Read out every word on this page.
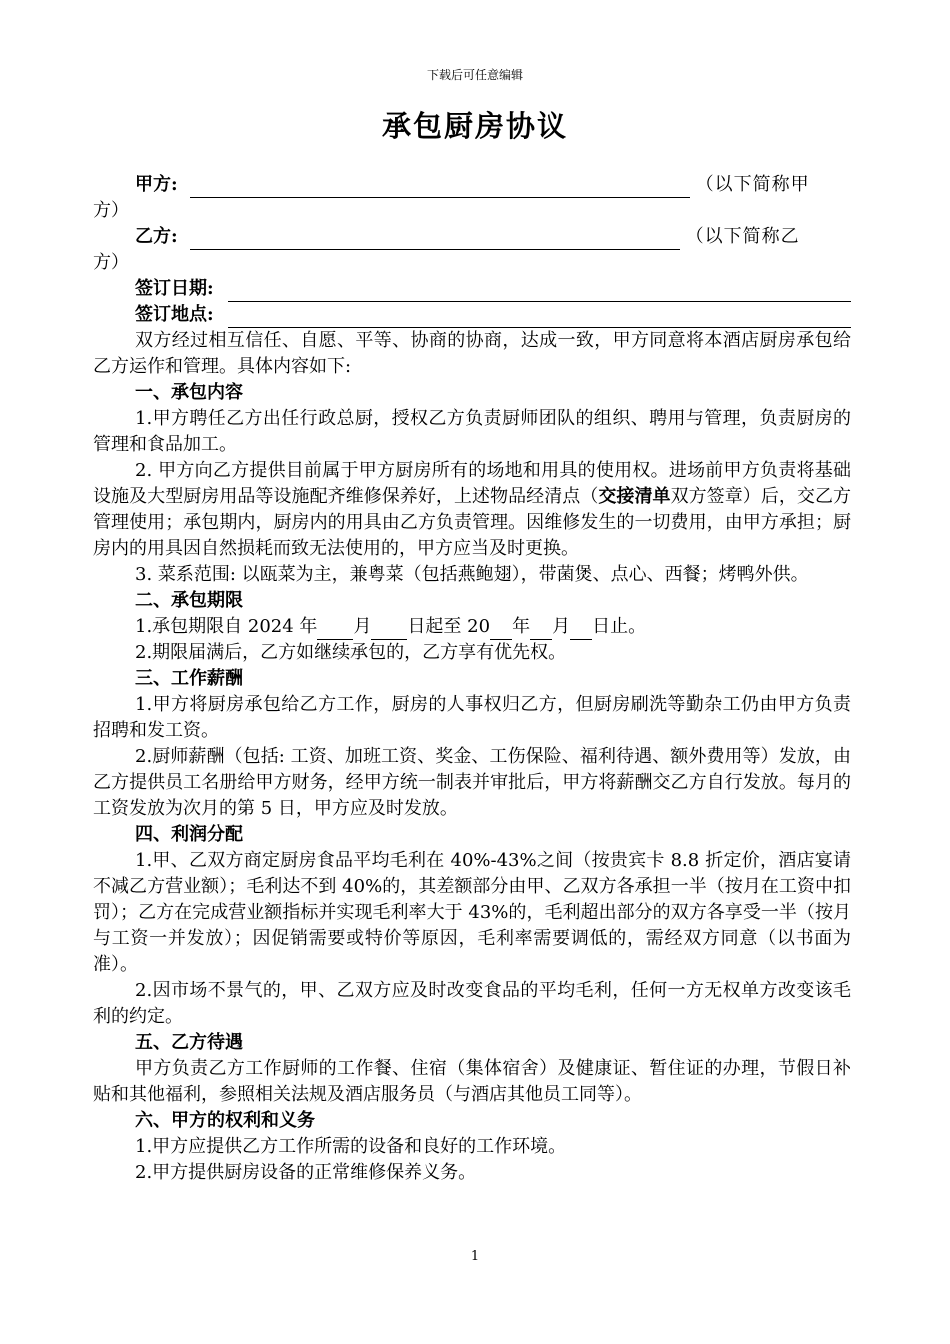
下载后可任意编辑
承包厨房协议
甲方:	（以下简称甲

方）

乙方:	（以下简称乙

方）

签订日期:
签订地点:

双方经过相互信任、自愿、平等、协商的协商，达成一致，甲方同意将本酒店厨房承包给乙方运作和管理。具体内容如下:

一、承包内容

1.甲方聘任乙方出任行政总厨，授权乙方负责厨师团队的组织、聘用与管理，负责厨房的管理和食品加工。

2. 甲方向乙方提供目前属于甲方厨房所有的场地和用具的使用权。进场前甲方负责将基础设施及大型厨房用品等设施配齐维修保养好，上述物品经清点（交接清单双方签章）后，交乙方管理使用；承包期内，厨房内的用具由乙方负责管理。因维修发生的一切费用，由甲方承担；厨房内的用具因自然损耗而致无法使用的，甲方应当及时更换。

3. 菜系范围: 以瓯菜为主，兼粤菜（包括燕鲍翅），带菌煲、点心、西餐；烤鸭外供。

二、承包期限

1.承包期限自 2024 年 月 日起至 20 年 月 日止。

2.期限届满后，乙方如继续承包的，乙方享有优先权。

三、工作薪酬

1.甲方将厨房承包给乙方工作，厨房的人事权归乙方，但厨房刷洗等勤杂工仍由甲方负责招聘和发工资。

2.厨师薪酬（包括: 工资、加班工资、奖金、工伤保险、福利待遇、额外费用等）发放，由乙方提供员工名册给甲方财务，经甲方统一制表并审批后，甲方将薪酬交乙方自行发放。每月的工资发放为次月的第 5 日，甲方应及时发放。

四、利润分配

1.甲、乙双方商定厨房食品平均毛利在 40%-43%之间（按贵宾卡 8.8 折定价，酒店宴请不减乙方营业额）；毛利达不到 40%的，其差额部分由甲、乙双方各承担一半（按月在工资中扣罚）；乙方在完成营业额指标并实现毛利率大于 43%的，毛利超出部分的双方各享受一半（按月与工资一并发放）；因促销需要或特价等原因，毛利率需要调低的，需经双方同意（以书面为准）。

2.因市场不景气的，甲、乙双方应及时改变食品的平均毛利，任何一方无权单方改变该毛利的约定。

五、乙方待遇

甲方负责乙方工作厨师的工作餐、住宿（集体宿舍）及健康证、暂住证的办理，节假日补贴和其他福利，参照相关法规及酒店服务员（与酒店其他员工同等）。

六、甲方的权利和义务

1.甲方应提供乙方工作所需的设备和良好的工作环境。

2.甲方提供厨房设备的正常维修保养义务。

1
